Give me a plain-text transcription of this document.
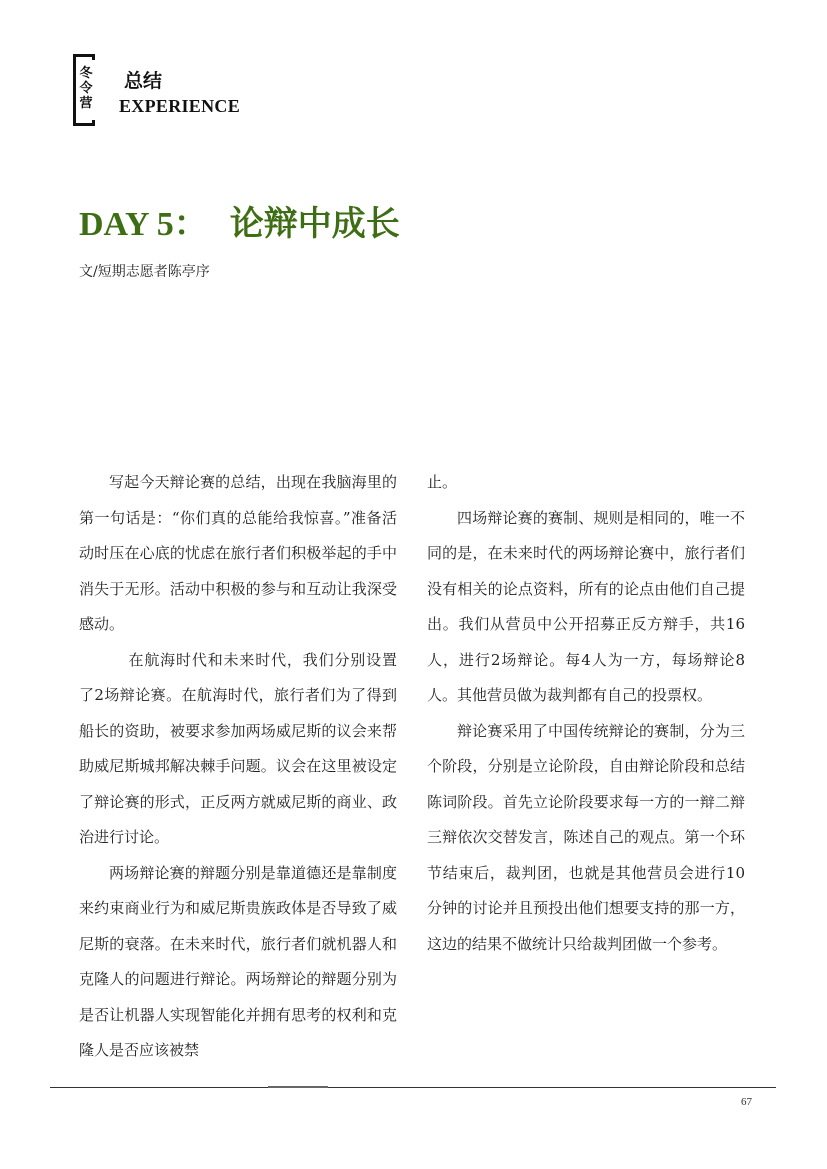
冬令营
总结
EXPERIENCE
DAY 5： 论辩中成长
文/短期志愿者陈亭序

写起今天辩论赛的总结，出现在我脑海里的第一句话是：“你们真的总能给我惊喜。”准备活动时压在心底的忧虑在旅行者们积极举起的手中消失于无形。活动中积极的参与和互动让我深受感动。

在航海时代和未来时代，我们分别设置了2场辩论赛。在航海时代，旅行者们为了得到船长的资助，被要求参加两场威尼斯的议会来帮助威尼斯城邦解决棘手问题。议会在这里被设定了辩论赛的形式，正反两方就威尼斯的商业、政治进行讨论。

两场辩论赛的辩题分别是靠道德还是靠制度来约束商业行为和威尼斯贵族政体是否导致了威尼斯的衰落。在未来时代，旅行者们就机器人和克隆人的问题进行辩论。两场辩论的辩题分别为是否让机器人实现智能化并拥有思考的权利和克隆人是否应该被禁

止。

四场辩论赛的赛制、规则是相同的，唯一不同的是，在未来时代的两场辩论赛中，旅行者们没有相关的论点资料，所有的论点由他们自己提出。我们从营员中公开招募正反方辩手，共16人，进行2场辩论。每4人为一方，每场辩论8人。其他营员做为裁判都有自己的投票权。

辩论赛采用了中国传统辩论的赛制，分为三个阶段，分别是立论阶段，自由辩论阶段和总结陈词阶段。首先立论阶段要求每一方的一辩二辩三辩依次交替发言，陈述自己的观点。第一个环节结束后，裁判团，也就是其他营员会进行10分钟的讨论并且预投出他们想要支持的那一方，这边的结果不做统计只给裁判团做一个参考。

67
